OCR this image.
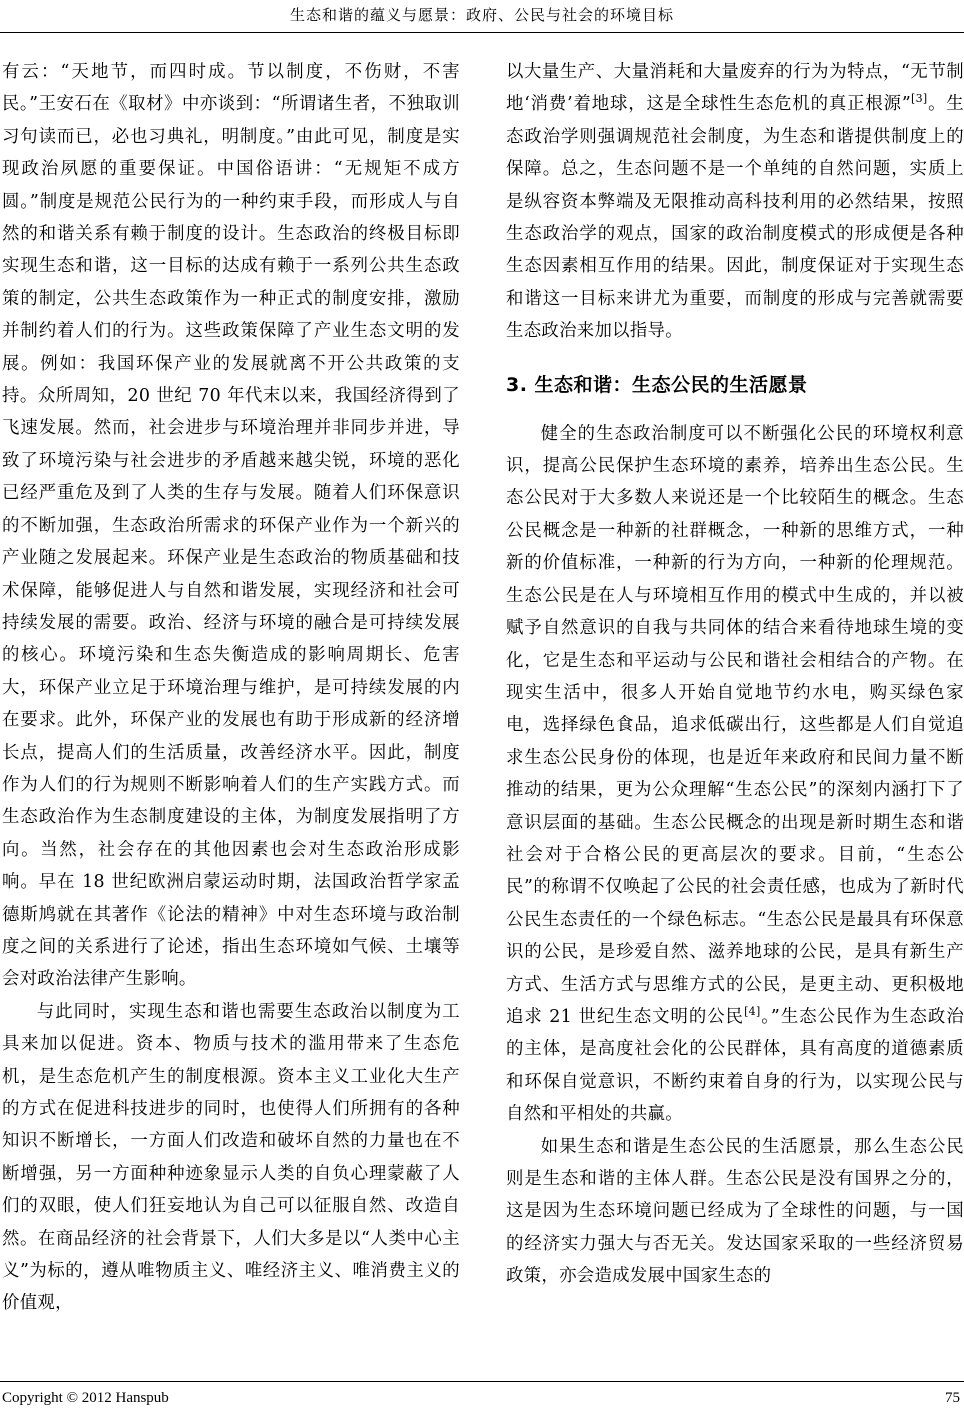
生态和谐的蕴义与愿景：政府、公民与社会的环境目标

有云：“天地节，而四时成。节以制度，不伤财，不害民。”王安石在《取材》中亦谈到：“所谓诸生者，不独取训习句读而已，必也习典礼，明制度。”由此可见，制度是实现政治夙愿的重要保证。中国俗语讲：“无规矩不成方圆。”制度是规范公民行为的一种约束手段，而形成人与自然的和谐关系有赖于制度的设计。生态政治的终极目标即实现生态和谐，这一目标的达成有赖于一系列公共生态政策的制定，公共生态政策作为一种正式的制度安排，激励并制约着人们的行为。这些政策保障了产业生态文明的发展。例如：我国环保产业的发展就离不开公共政策的支持。众所周知，20 世纪 70 年代末以来，我国经济得到了飞速发展。然而，社会进步与环境治理并非同步并进，导致了环境污染与社会进步的矛盾越来越尖锐，环境的恶化已经严重危及到了人类的生存与发展。随着人们环保意识的不断加强，生态政治所需求的环保产业作为一个新兴的产业随之发展起来。环保产业是生态政治的物质基础和技术保障，能够促进人与自然和谐发展，实现经济和社会可持续发展的需要。政治、经济与环境的融合是可持续发展的核心。环境污染和生态失衡造成的影响周期长、危害大，环保产业立足于环境治理与维护，是可持续发展的内在要求。此外，环保产业的发展也有助于形成新的经济增长点，提高人们的生活质量，改善经济水平。因此，制度作为人们的行为规则不断影响着人们的生产实践方式。而生态政治作为生态制度建设的主体，为制度发展指明了方向。当然，社会存在的其他因素也会对生态政治形成影响。早在 18 世纪欧洲启蒙运动时期，法国政治哲学家孟德斯鸠就在其著作《论法的精神》中对生态环境与政治制度之间的关系进行了论述，指出生态环境如气候、土壤等会对政治法律产生影响。

与此同时，实现生态和谐也需要生态政治以制度为工具来加以促进。资本、物质与技术的滥用带来了生态危机，是生态危机产生的制度根源。资本主义工业化大生产的方式在促进科技进步的同时，也使得人们所拥有的各种知识不断增长，一方面人们改造和破坏自然的力量也在不断增强，另一方面种种迹象显示人类的自负心理蒙蔽了人们的双眼，使人们狂妄地认为自己可以征服自然、改造自然。在商品经济的社会背景下，人们大多是以“人类中心主义”为标的，遵从唯物质主义、唯经济主义、唯消费主义的价值观，

以大量生产、大量消耗和大量废弃的行为为特点，“无节制地‘消费’着地球，这是全球性生态危机的真正根源”[3]。生态政治学则强调规范社会制度，为生态和谐提供制度上的保障。总之，生态问题不是一个单纯的自然问题，实质上是纵容资本弊端及无限推动高科技利用的必然结果，按照生态政治学的观点，国家的政治制度模式的形成便是各种生态因素相互作用的结果。因此，制度保证对于实现生态和谐这一目标来讲尤为重要，而制度的形成与完善就需要生态政治来加以指导。

3. 生态和谐：生态公民的生活愿景

健全的生态政治制度可以不断强化公民的环境权利意识，提高公民保护生态环境的素养，培养出生态公民。生态公民对于大多数人来说还是一个比较陌生的概念。生态公民概念是一种新的社群概念，一种新的思维方式，一种新的价值标准，一种新的行为方向，一种新的伦理规范。生态公民是在人与环境相互作用的模式中生成的，并以被赋予自然意识的自我与共同体的结合来看待地球生境的变化，它是生态和平运动与公民和谐社会相结合的产物。在现实生活中，很多人开始自觉地节约水电，购买绿色家电，选择绿色食品，追求低碳出行，这些都是人们自觉追求生态公民身份的体现，也是近年来政府和民间力量不断推动的结果，更为公众理解“生态公民”的深刻内涵打下了意识层面的基础。生态公民概念的出现是新时期生态和谐社会对于合格公民的更高层次的要求。目前，“生态公民”的称谓不仅唤起了公民的社会责任感，也成为了新时代公民生态责任的一个绿色标志。“生态公民是最具有环保意识的公民，是珍爱自然、滋养地球的公民，是具有新生产方式、生活方式与思维方式的公民，是更主动、更积极地追求 21 世纪生态文明的公民[4]。”生态公民作为生态政治的主体，是高度社会化的公民群体，具有高度的道德素质和环保自觉意识，不断约束着自身的行为，以实现公民与自然和平相处的共赢。

如果生态和谐是生态公民的生活愿景，那么生态公民则是生态和谐的主体人群。生态公民是没有国界之分的，这是因为生态环境问题已经成为了全球性的问题，与一国的经济实力强大与否无关。发达国家采取的一些经济贸易政策，亦会造成发展中国家生态的

Copyright © 2012 Hanspub	75
